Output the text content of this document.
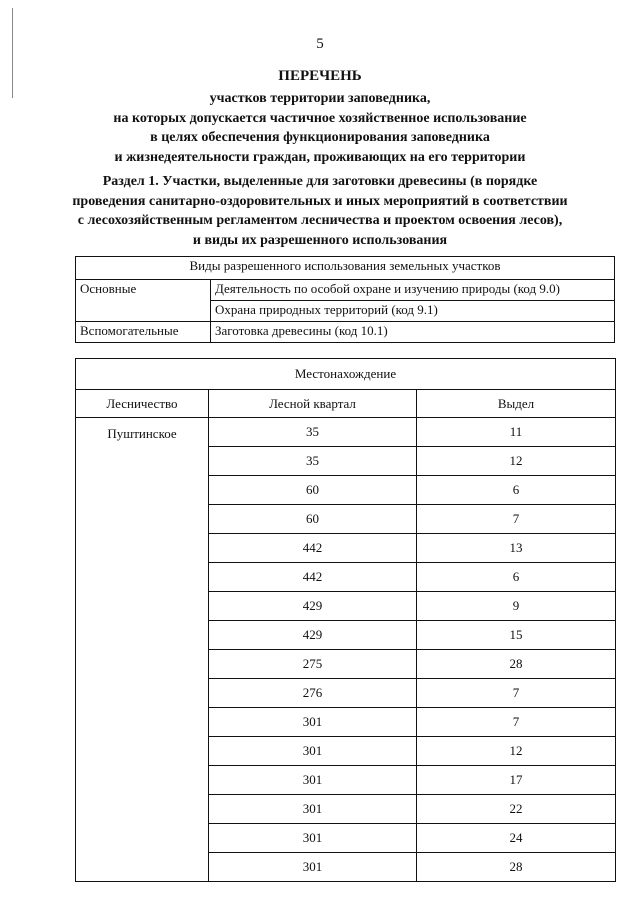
5
ПЕРЕЧЕНЬ
участков территории заповедника,
на которых допускается частичное хозяйственное использование
в целях обеспечения функционирования заповедника
и жизнедеятельности граждан, проживающих на его территории
Раздел 1. Участки, выделенные для заготовки древесины (в порядке
проведения санитарно-оздоровительных и иных мероприятий в соответствии
с лесохозяйственным регламентом лесничества и проектом освоения лесов),
и виды их разрешенного использования
Виды разрешенного использования земельных участков	
Основные	Деятельность по особой охране и изучению природы (код 9.0)
	Охрана природных территорий (код 9.1)
Вспомогательные	Заготовка древесины (код 10.1)
Местонахождение		
Лесничество	Лесной квартал	Выдел
Пуштинское	35	11
	35	12
	60	6
	60	7
	442	13
	442	6
	429	9
	429	15
	275	28
	276	7
	301	7
	301	12
	301	17
	301	22
	301	24
	301	28
